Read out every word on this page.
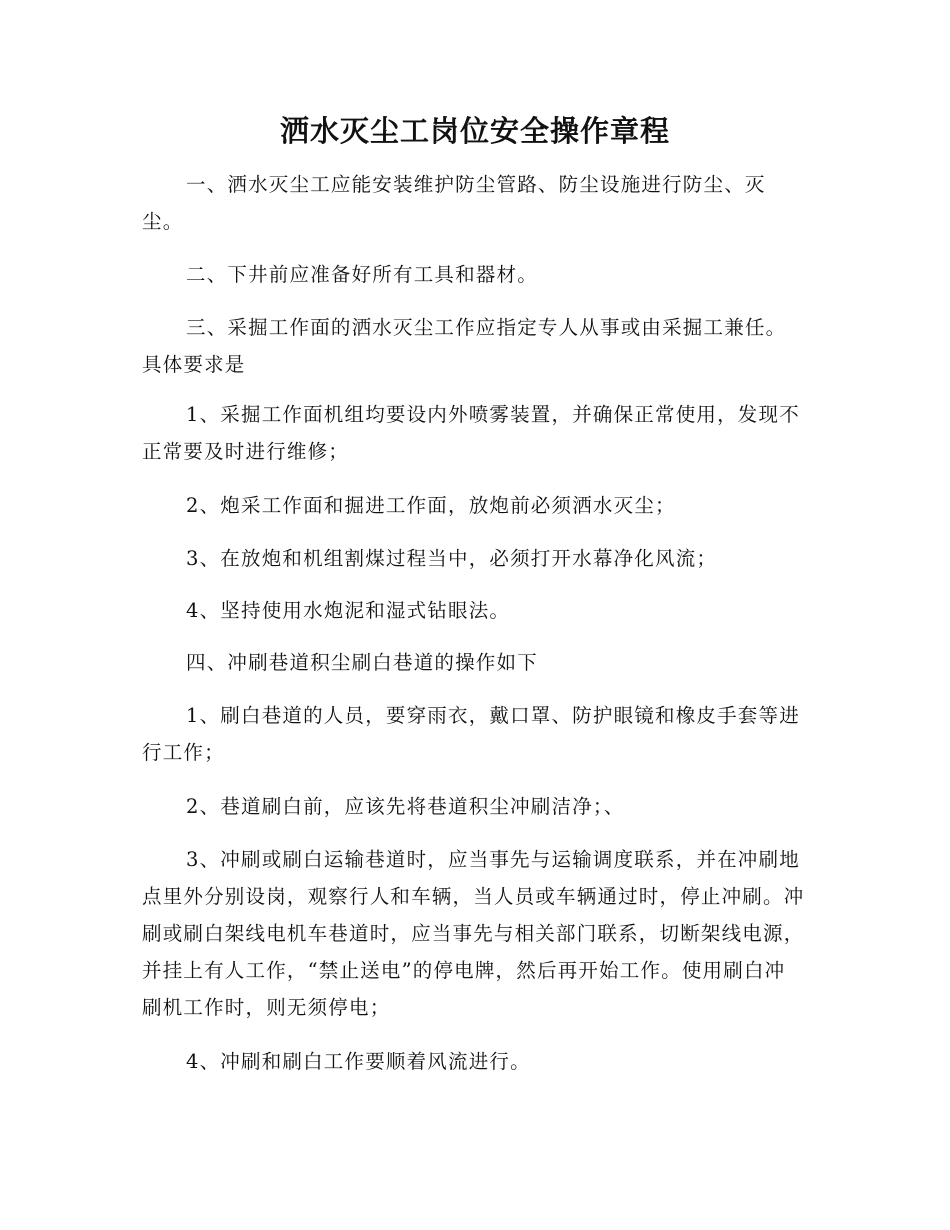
洒水灭尘工岗位安全操作章程

一、洒水灭尘工应能安装维护防尘管路、防尘设施进行防尘、灭尘。

二、下井前应准备好所有工具和器材。

三、采掘工作面的洒水灭尘工作应指定专人从事或由采掘工兼任。具体要求是

1、采掘工作面机组均要设内外喷雾装置，并确保正常使用，发现不正常要及时进行维修；

2、炮采工作面和掘进工作面，放炮前必须洒水灭尘；

3、在放炮和机组割煤过程当中，必须打开水幕净化风流；

4、坚持使用水炮泥和湿式钻眼法。

四、冲刷巷道积尘刷白巷道的操作如下

1、刷白巷道的人员，要穿雨衣，戴口罩、防护眼镜和橡皮手套等进行工作；

2、巷道刷白前，应该先将巷道积尘冲刷洁净；、

3、冲刷或刷白运输巷道时，应当事先与运输调度联系，并在冲刷地点里外分别设岗，观察行人和车辆，当人员或车辆通过时，停止冲刷。冲刷或刷白架线电机车巷道时，应当事先与相关部门联系，切断架线电源，并挂上有人工作，“禁止送电”的停电牌，然后再开始工作。使用刷白冲刷机工作时，则无须停电；

4、冲刷和刷白工作要顺着风流进行。
